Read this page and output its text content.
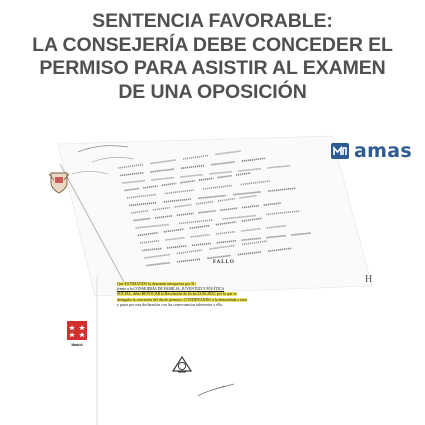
SENTENCIA FAVORABLE:
LA CONSEJERÍA DEBE CONCEDER EL
PERMISO PARA ASISTIR AL EXAMEN
DE UNA OPOSICIÓN
amas
FALLO
H
Que ESTIMANDO la demanda interpuesta por D.ª
frente a la CONSEJERÍA DE FAMILIA, JUVENTUD Y POLÍTICA
SOCIAL, debo REVOCAR la Resolución de fecha 23.06.2022, por la que se
denegaba la concesión del día de permiso; CONDENANDO a la demandada a estar
y pasar por esta declaración con las consecuencias inherentes a ella.
Madrid
